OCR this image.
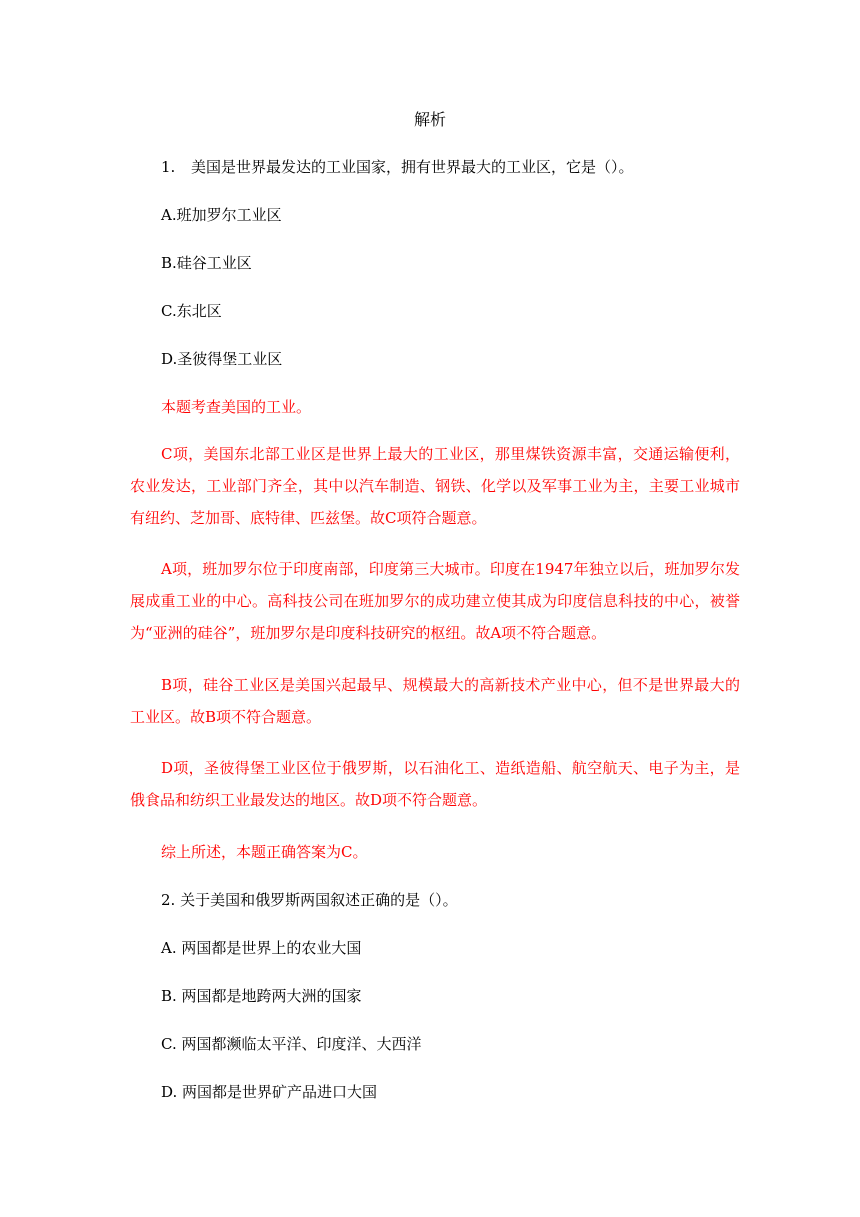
解析
1. 美国是世界最发达的工业国家，拥有世界最大的工业区，它是（）。
A.班加罗尔工业区
B.硅谷工业区
C.东北区
D.圣彼得堡工业区
本题考查美国的工业。
C项，美国东北部工业区是世界上最大的工业区，那里煤铁资源丰富，交通运输便利，农业发达，工业部门齐全，其中以汽车制造、钢铁、化学以及军事工业为主，主要工业城市有纽约、芝加哥、底特律、匹兹堡。故C项符合题意。
A项，班加罗尔位于印度南部，印度第三大城市。印度在1947年独立以后，班加罗尔发展成重工业的中心。高科技公司在班加罗尔的成功建立使其成为印度信息科技的中心，被誉为“亚洲的硅谷”，班加罗尔是印度科技研究的枢纽。故A项不符合题意。
B项，硅谷工业区是美国兴起最早、规模最大的高新技术产业中心，但不是世界最大的工业区。故B项不符合题意。
D项，圣彼得堡工业区位于俄罗斯，以石油化工、造纸造船、航空航天、电子为主，是俄食品和纺织工业最发达的地区。故D项不符合题意。
综上所述，本题正确答案为C。
2. 关于美国和俄罗斯两国叙述正确的是（）。
A. 两国都是世界上的农业大国
B. 两国都是地跨两大洲的国家
C. 两国都濒临太平洋、印度洋、大西洋
D. 两国都是世界矿产品进口大国
